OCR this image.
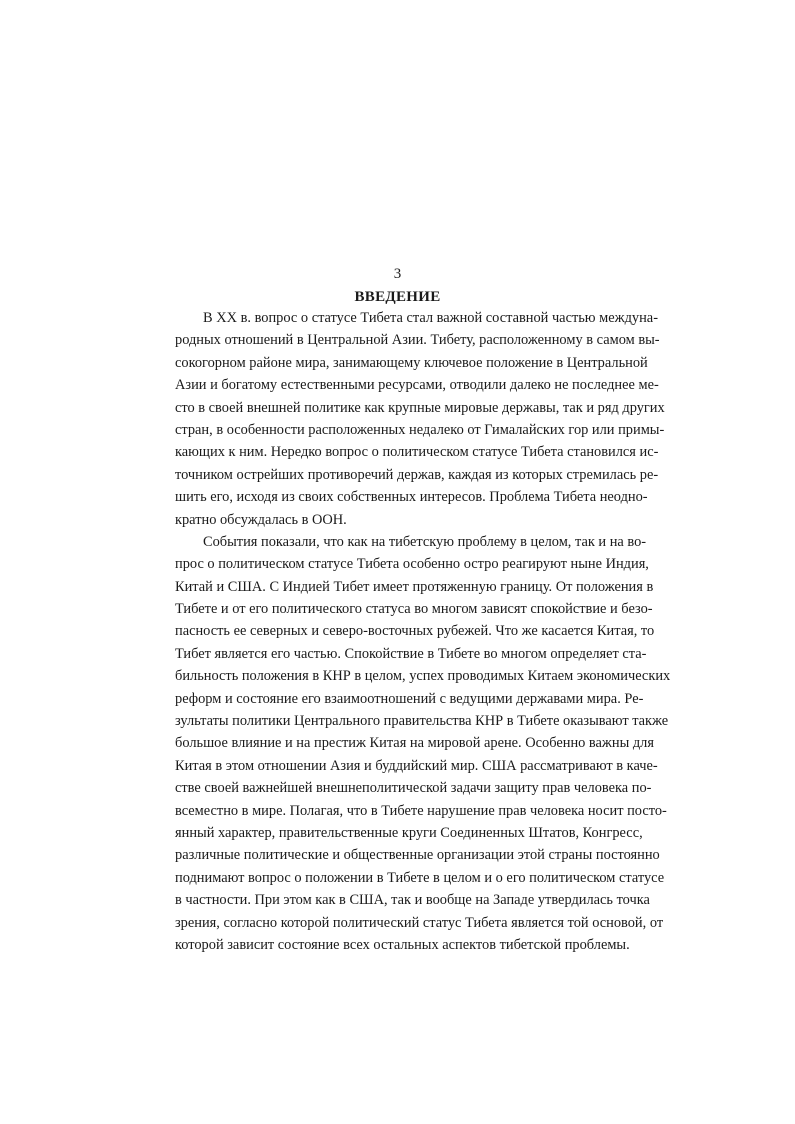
3
ВВЕДЕНИЕ

В XX в. вопрос о статусе Тибета стал важной составной частью междуна-
родных отношений в Центральной Азии. Тибету, расположенному в самом вы-
сокогорном районе мира, занимающему ключевое положение в Центральной
Азии и богатому естественными ресурсами, отводили далеко не последнее ме-
сто в своей внешней политике как крупные мировые державы, так и ряд других
стран, в особенности расположенных недалеко от Гималайских гор или примы-
кающих к ним. Нередко вопрос о политическом статусе Тибета становился ис-
точником острейших противоречий держав, каждая из которых стремилась ре-
шить его, исходя из своих собственных интересов. Проблема Тибета неодно-
кратно обсуждалась в ООН.

События показали, что как на тибетскую проблему в целом, так и на во-
прос о политическом статусе Тибета особенно остро реагируют ныне Индия,
Китай и США. С Индией Тибет имеет протяженную границу. От положения в
Тибете и от его политического статуса во многом зависят спокойствие и безо-
пасность ее северных и северо-восточных рубежей. Что же касается Китая, то
Тибет является его частью. Спокойствие в Тибете во многом определяет ста-
бильность положения в КНР в целом, успех проводимых Китаем экономических
реформ и состояние его взаимоотношений с ведущими державами мира. Ре-
зультаты политики Центрального правительства КНР в Тибете оказывают также
большое влияние и на престиж Китая на мировой арене. Особенно важны для
Китая в этом отношении Азия и буддийский мир. США рассматривают в каче-
стве своей важнейшей внешнеполитической задачи защиту прав человека по-
всеместно в мире. Полагая, что в Тибете нарушение прав человека носит посто-
янный характер, правительственные круги Соединенных Штатов, Конгресс,
различные политические и общественные организации этой страны постоянно
поднимают вопрос о положении в Тибете в целом и о его политическом статусе
в частности. При этом как в США, так и вообще на Западе утвердилась точка
зрения, согласно которой политический статус Тибета является той основой, от
которой зависит состояние всех остальных аспектов тибетской проблемы.
